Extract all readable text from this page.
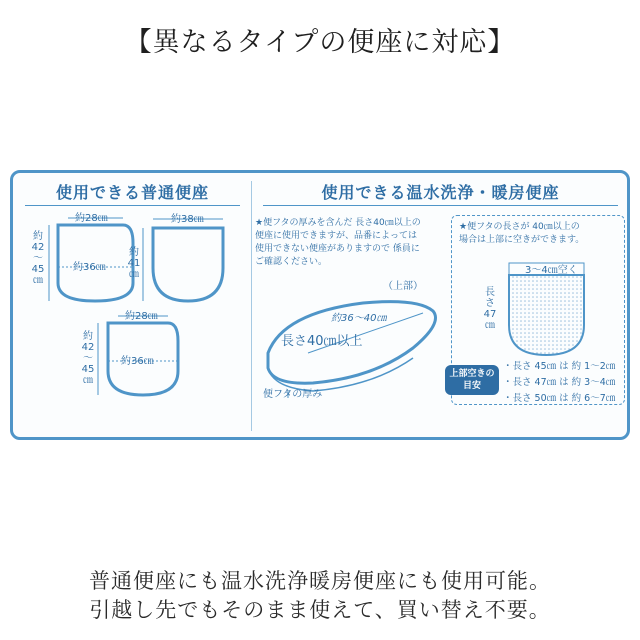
【異なるタイプの便座に対応】
使用できる普通便座	使用できる温水洗浄・暖房便座
約28㎝
約36㎝
約
42
〜
45
㎝
約38㎝
約
41
㎝
約28㎝
約36㎝
約
42
〜
45
㎝
★便フタの厚みを含んだ 長さ40㎝以上の
便座に使用できますが、品番によっては
使用できない便座がありますので 係員に
ご確認ください。
（上部）
約36〜40㎝
長さ40㎝以上
便フタの厚み
★便フタの長さが 40㎝以上の
場合は上部に空きができます。
3〜4㎝空く
長
さ
47
㎝
上部空きの
目安
・長さ 45㎝ は 約 1〜2㎝
・長さ 47㎝ は 約 3〜4㎝
・長さ 50㎝ は 約 6〜7㎝
普通便座にも温水洗浄暖房便座にも使用可能。
引越し先でもそのまま使えて、買い替え不要。
